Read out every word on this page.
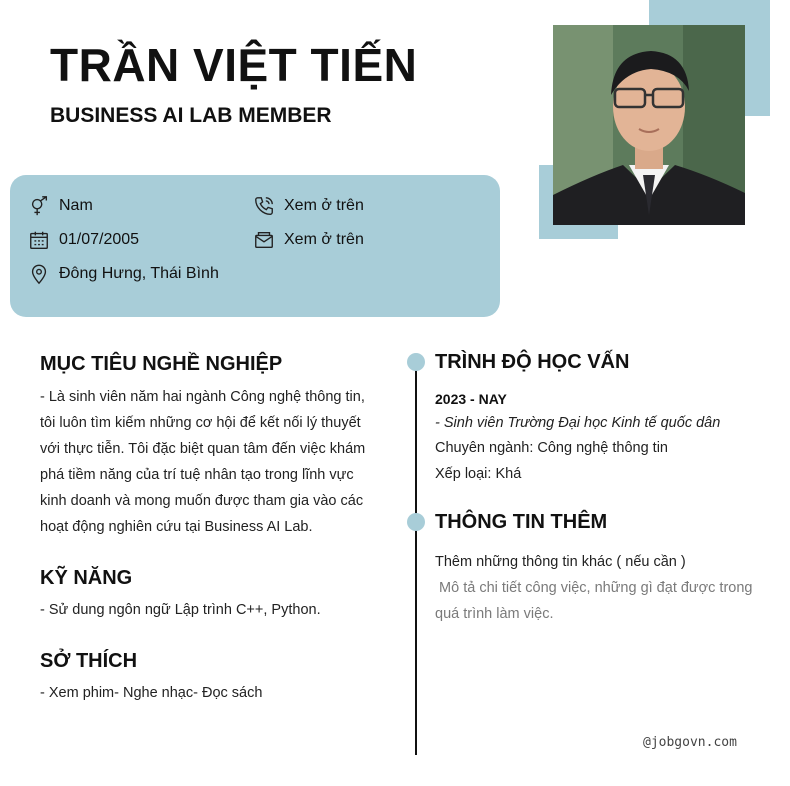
TRẦN VIỆT TIẾN
BUSINESS AI LAB MEMBER
Nam
01/07/2005
Đông Hưng, Thái Bình
Xem ở trên
Xem ở trên
MỤC TIÊU NGHỀ NGHIỆP
- Là sinh viên năm hai ngành Công nghệ thông tin,
tôi luôn tìm kiếm những cơ hội để kết nối lý thuyết
với thực tiễn. Tôi đặc biệt quan tâm đến việc khám
phá tiềm năng của trí tuệ nhân tạo trong lĩnh vực
kinh doanh và mong muốn được tham gia vào các
hoạt động nghiên cứu tại Business AI Lab.
KỸ NĂNG
- Sử dung ngôn ngữ Lập trình C++, Python.
SỞ THÍCH
- Xem phim- Nghe nhạc- Đọc sách
TRÌNH ĐỘ HỌC VẤN
2023 - NAY
- Sinh viên Trường Đại học Kinh tế quốc dân
Chuyên ngành: Công nghệ thông tin
Xếp loại: Khá
THÔNG TIN THÊM
Thêm những thông tin khác ( nếu cần )
Mô tả chi tiết công việc, những gì đạt được trong
quá trình làm việc.
@jobgovn.com
